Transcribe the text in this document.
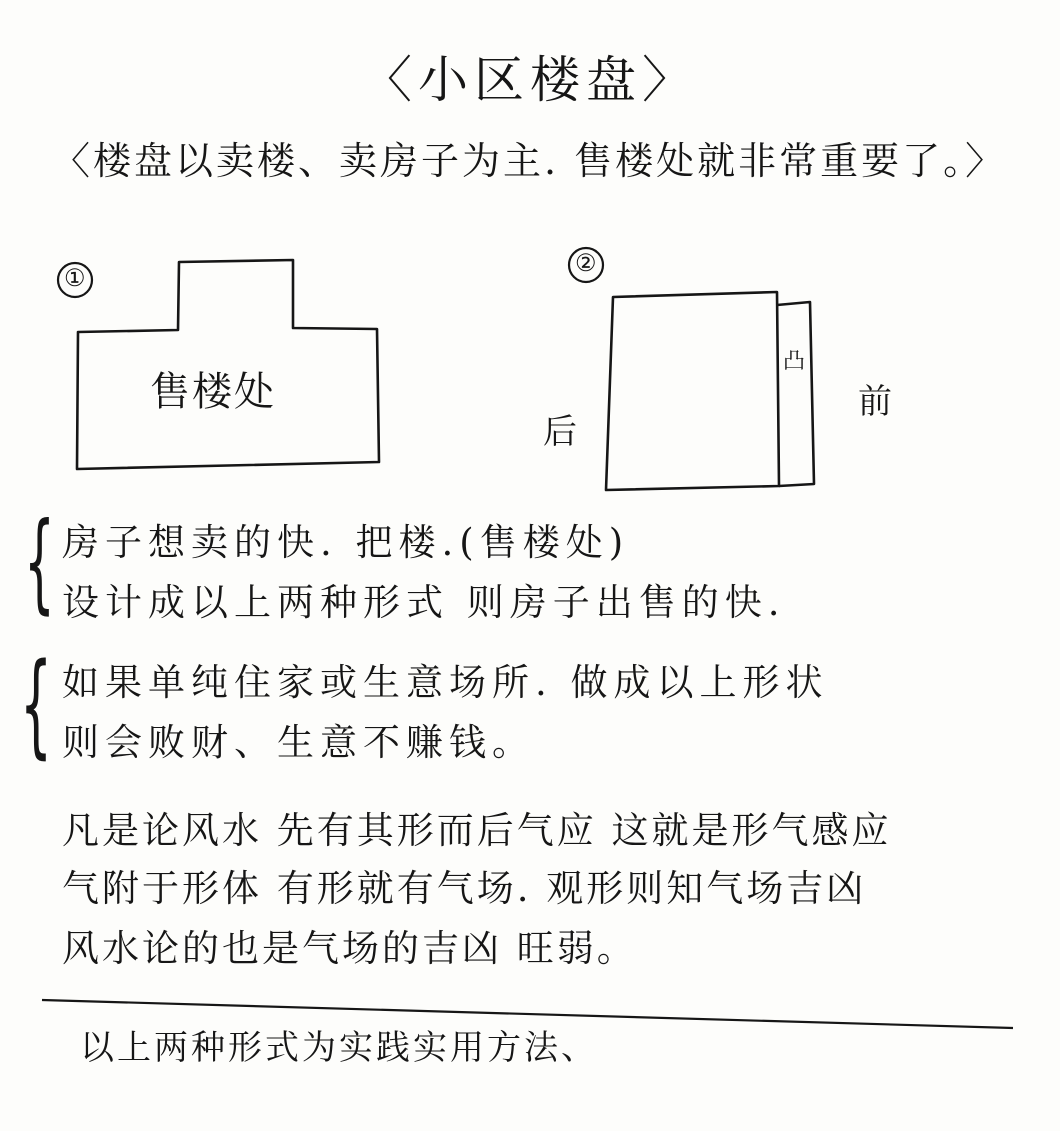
〈小区楼盘〉
〈楼盘以卖楼、卖房子为主. 售楼处就非常重要了。〉
①
售楼处
②
后
前
凸
{ 房子想卖的快. 把楼.(售楼处)
设计成以上两种形式 则房子出售的快.
{ 如果单纯住家或生意场所. 做成以上形状
则会败财、生意不赚钱。
凡是论风水 先有其形而后气应 这就是形气感应
气附于形体 有形就有气场. 观形则知气场吉凶
风水论的也是气场的吉凶 旺弱。
以上两种形式为实践实用方法、
